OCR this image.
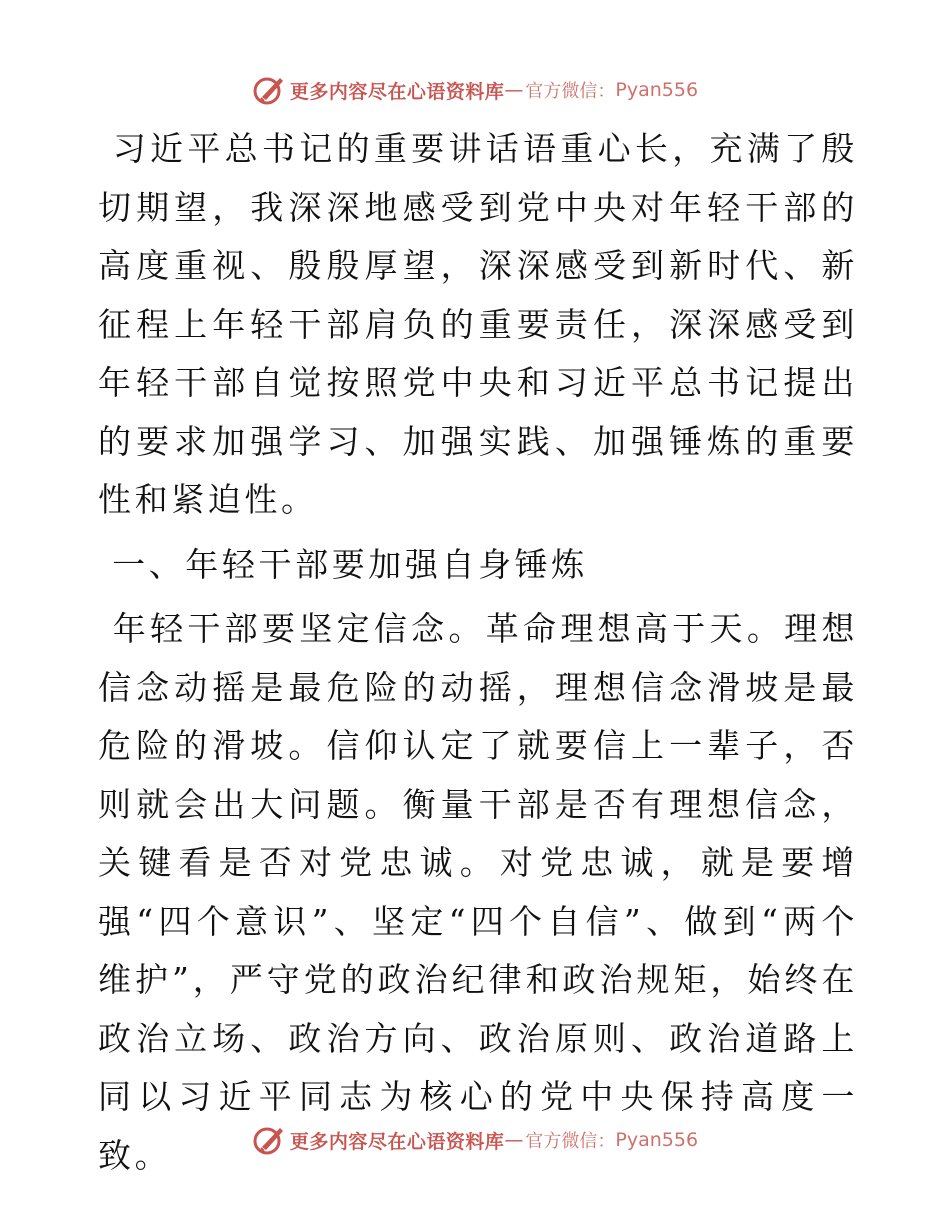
更多内容尽在心语资料库 — 官方微信： Pyan556

习近平总书记的重要讲话语重心长，充满了殷切期望，我深深地感受到党中央对年轻干部的高度重视、殷殷厚望，深深感受到新时代、新征程上年轻干部肩负的重要责任，深深感受到年轻干部自觉按照党中央和习近平总书记提出的要求加强学习、加强实践、加强锤炼的重要性和紧迫性。

一、年轻干部要加强自身锤炼

年轻干部要坚定信念。革命理想高于天。理想信念动摇是最危险的动摇，理想信念滑坡是最危险的滑坡。信仰认定了就要信上一辈子，否则就会出大问题。衡量干部是否有理想信念，关键看是否对党忠诚。对党忠诚，就是要增强“四个意识”、坚定“四个自信”、做到“两个维护”，严守党的政治纪律和政治规矩，始终在政治立场、政治方向、政治原则、政治道路上同以习近平同志为核心的党中央保持高度一致。	更多内容尽在心语资料库 — 官方微信： Pyan556
